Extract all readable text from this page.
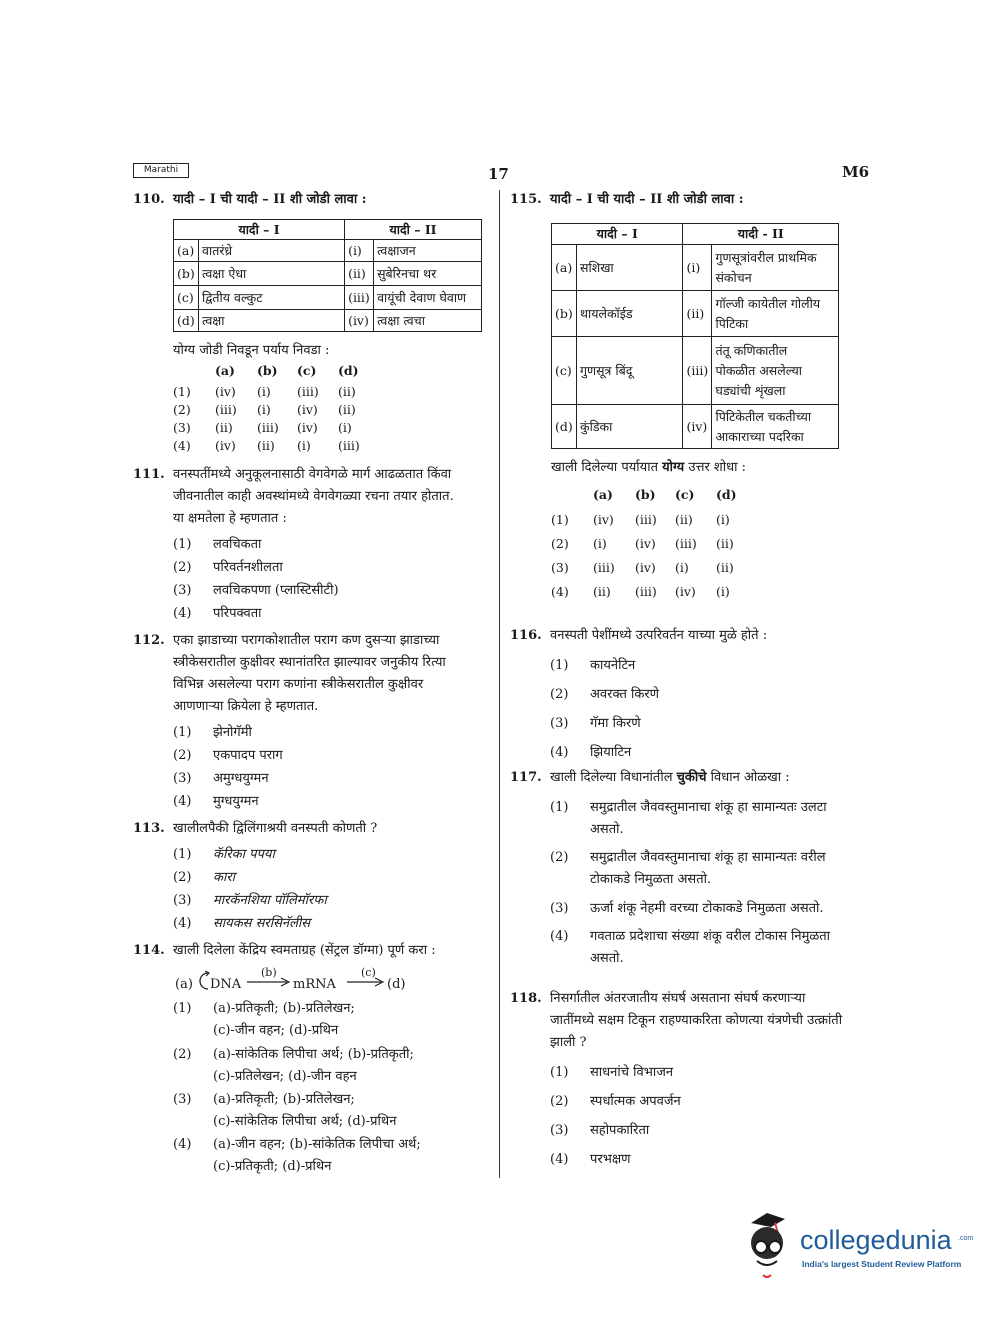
Marathi	17	M6
110. यादी – I ची यादी – II शी जोडी लावा :
यादी – I		यादी – II	
(a)	वातरंध्रे	(i)	त्वक्षाजन
(b)	त्वक्षा ऐधा	(ii)	सुबेरिनचा थर
(c)	द्वितीय वल्कुट	(iii)	वायूंची देवाण घेवाण
(d)	त्वक्षा	(iv)	त्वक्षा त्वचा
योग्य जोडी निवडून पर्याय निवडा :
(a) (b) (c) (d)
(1) (iv) (i) (iii) (ii)
(2) (iii) (i) (iv) (ii)
(3) (ii) (iii) (iv) (i)
(4) (iv) (ii) (i) (iii)
111. वनस्पतींमध्ये अनुकूलनासाठी वेगवेगळे मार्ग आढळतात किंवा
जीवनातील काही अवस्थांमध्ये वेगवेगळ्या रचना तयार होतात.
या क्षमतेला हे म्हणतात :
(1) लवचिकता
(2) परिवर्तनशीलता
(3) लवचिकपणा (प्लास्टिसीटी)
(4) परिपक्वता
112. एका झाडाच्या परागकोशातील पराग कण दुसऱ्या झाडाच्या
स्त्रीकेसरातील कुक्षीवर स्थानांतरित झाल्यावर जनुकीय रित्या
विभिन्न असलेल्या पराग कणांना स्त्रीकेसरातील कुक्षीवर
आणणाऱ्या क्रियेला हे म्हणतात.
(1) झेनोगॅमी
(2) एकपादप पराग
(3) अमुग्धयुग्मन
(4) मुग्धयुग्मन
113. खालीलपैकी द्विलिंगाश्रयी वनस्पती कोणती ?
(1) कॅरिका पपया
(2) कारा
(3) मारकॅनशिया पॉलिमॉरफा
(4) सायकस सरसिनॅलीस
114. खाली दिलेला केंद्रिय स्वमताग्रह (सेंट्रल डॉग्मा) पूर्ण करा :
(a) DNA
(b)
mRNA
(c)
(d)
(1) (a)-प्रतिकृती; (b)-प्रतिलेखन;
(c)-जीन वहन; (d)-प्रथिन
(2) (a)-सांकेतिक लिपीचा अर्थ; (b)-प्रतिकृती;
(c)-प्रतिलेखन; (d)-जीन वहन
(3) (a)-प्रतिकृती; (b)-प्रतिलेखन;
(c)-सांकेतिक लिपीचा अर्थ; (d)-प्रथिन
(4) (a)-जीन वहन; (b)-सांकेतिक लिपीचा अर्थ;
(c)-प्रतिकृती; (d)-प्रथिन
115. यादी – I ची यादी – II शी जोडी लावा :
यादी – I		यादी - II	
(a)	सशिखा	(i)	गुणसूत्रांवरील प्राथमिक
संकोचन

(b)	थायलेकॉईड	(ii)	गॉल्जी कायेतील गोलीय
पिटिका

(c)	गुणसूत्र बिंदू	(iii)	तंतू कणिकातील
पोकळीत असलेल्या
घड्यांची शृंखला

(d)	कुंडिका	(iv)	पिटिकेतील चकतीच्या
आकाराच्या पदरिका
खाली दिलेल्या पर्यायात योग्य उत्तर शोधा :
(a) (b) (c) (d)
(1) (iv) (iii) (ii) (i)
(2) (i) (iv) (iii) (ii)
(3) (iii) (iv) (i) (ii)
(4) (ii) (iii) (iv) (i)
116. वनस्पती पेशींमध्ये उत्परिवर्तन याच्या मुळे होते :
(1) कायनेटिन
(2) अवरक्त किरणे
(3) गॅमा किरणे
(4) झियाटिन
117. खाली दिलेल्या विधानांतील चुकीचे विधान ओळखा :
(1) समुद्रातील जैववस्तुमानाचा शंकू हा सामान्यतः उलटा
असतो.
(2) समुद्रातील जैववस्तुमानाचा शंकू हा सामान्यतः वरील
टोकाकडे निमुळता असतो.
(3) ऊर्जा शंकू नेहमी वरच्या टोकाकडे निमुळता असतो.
(4) गवताळ प्रदेशाचा संख्या शंकू वरील टोकास निमुळता
असतो.
118. निसर्गातील अंतरजातीय संघर्ष असताना संघर्ष करणाऱ्या
जातींमध्ये सक्षम टिकून राहण्याकरिता कोणत्या यंत्रणेची उत्क्रांती
झाली ?
(1) साधनांचे विभाजन
(2) स्पर्धात्मक अपवर्जन
(3) सहोपकारिता
(4) परभक्षण
collegedunia .com
India's largest Student Review Platform
